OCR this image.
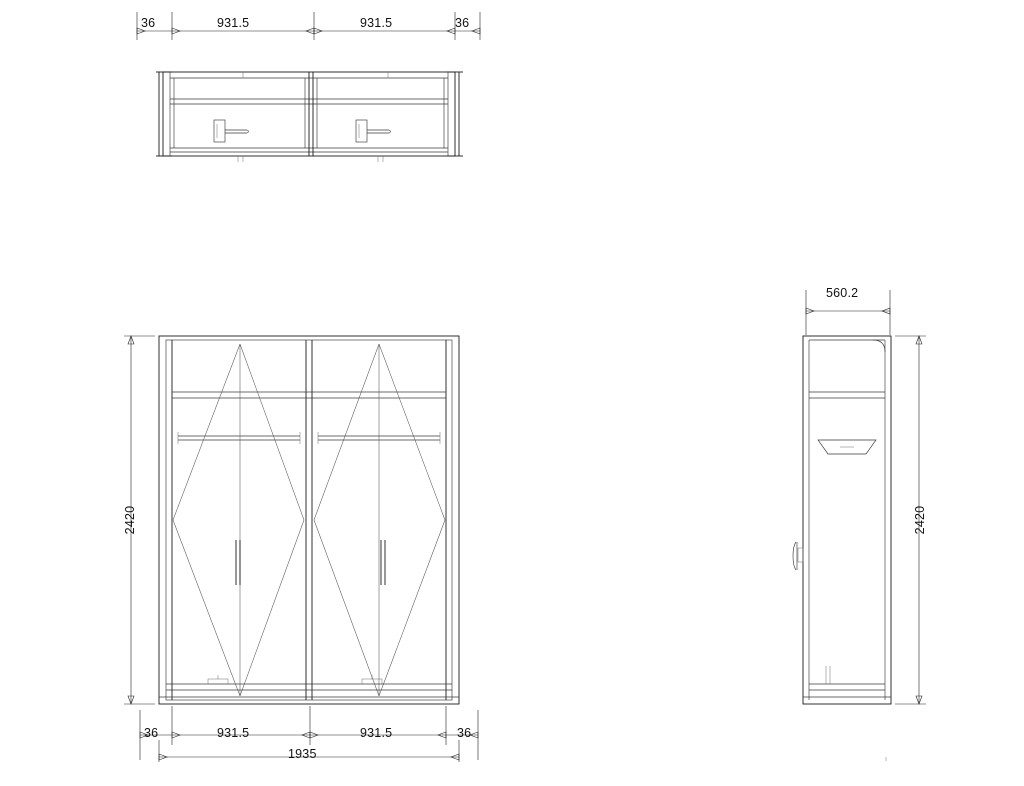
36	931.5	931.5	36
36	931.5	931.5	36
1935
2420
560.2
2420
